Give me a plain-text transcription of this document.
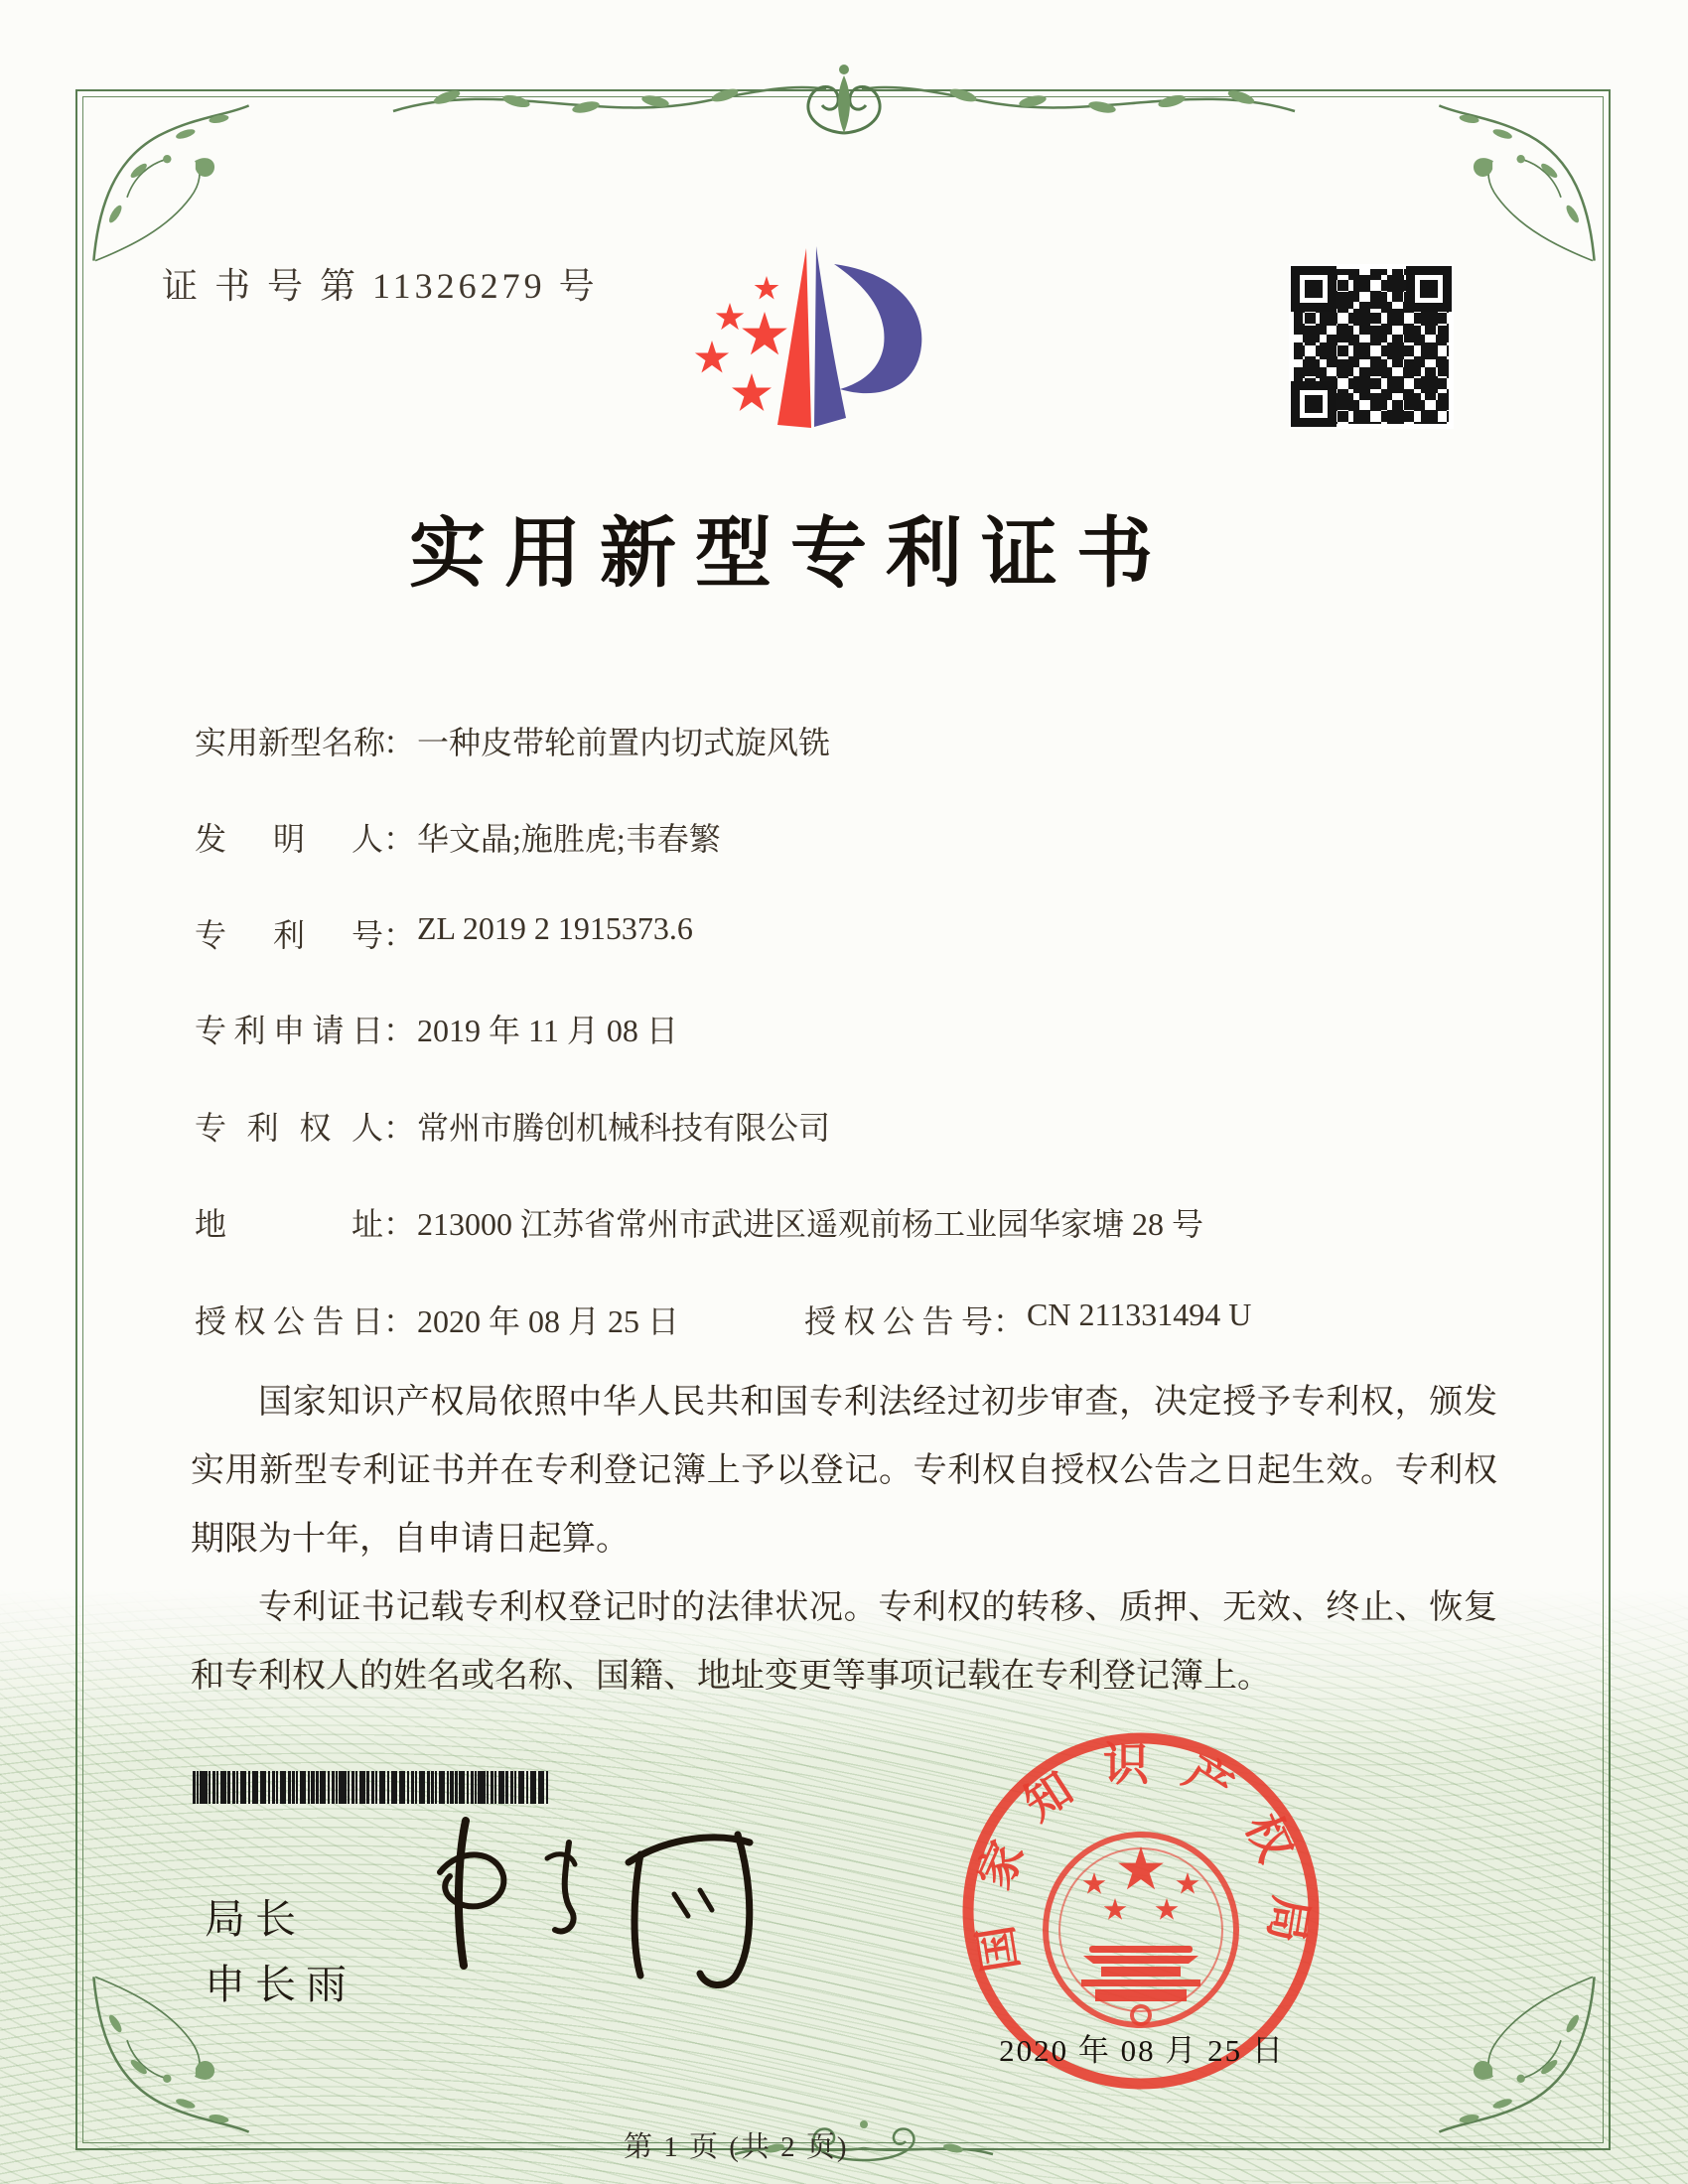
证 书 号 第 11326279 号
实用新型专利证书
实用新型名称：一种皮带轮前置内切式旋风铣
发明人：华文晶;施胜虎;韦春繁
专利号：ZL 2019 2 1915373.6
专利申请日：2019 年 11 月 08 日
专利权人：常州市腾创机械科技有限公司
地址：213000 江苏省常州市武进区遥观前杨工业园华家塘 28 号
授权公告日：2020 年 08 月 25 日	授权公告号：CN 211331494 U

国家知识产权局依照中华人民共和国专利法经过初步审查，决定授予专利权，颁发实用新型专利证书并在专利登记簿上予以登记。专利权自授权公告之日起生效。专利权期限为十年，自申请日起算。

专利证书记载专利权登记时的法律状况。专利权的转移、质押、无效、终止、恢复和专利权人的姓名或名称、国籍、地址变更等事项记载在专利登记簿上。

局长
申长雨
国家知识产权局
2020 年 08 月 25 日
第 1 页 (共 2 页)
